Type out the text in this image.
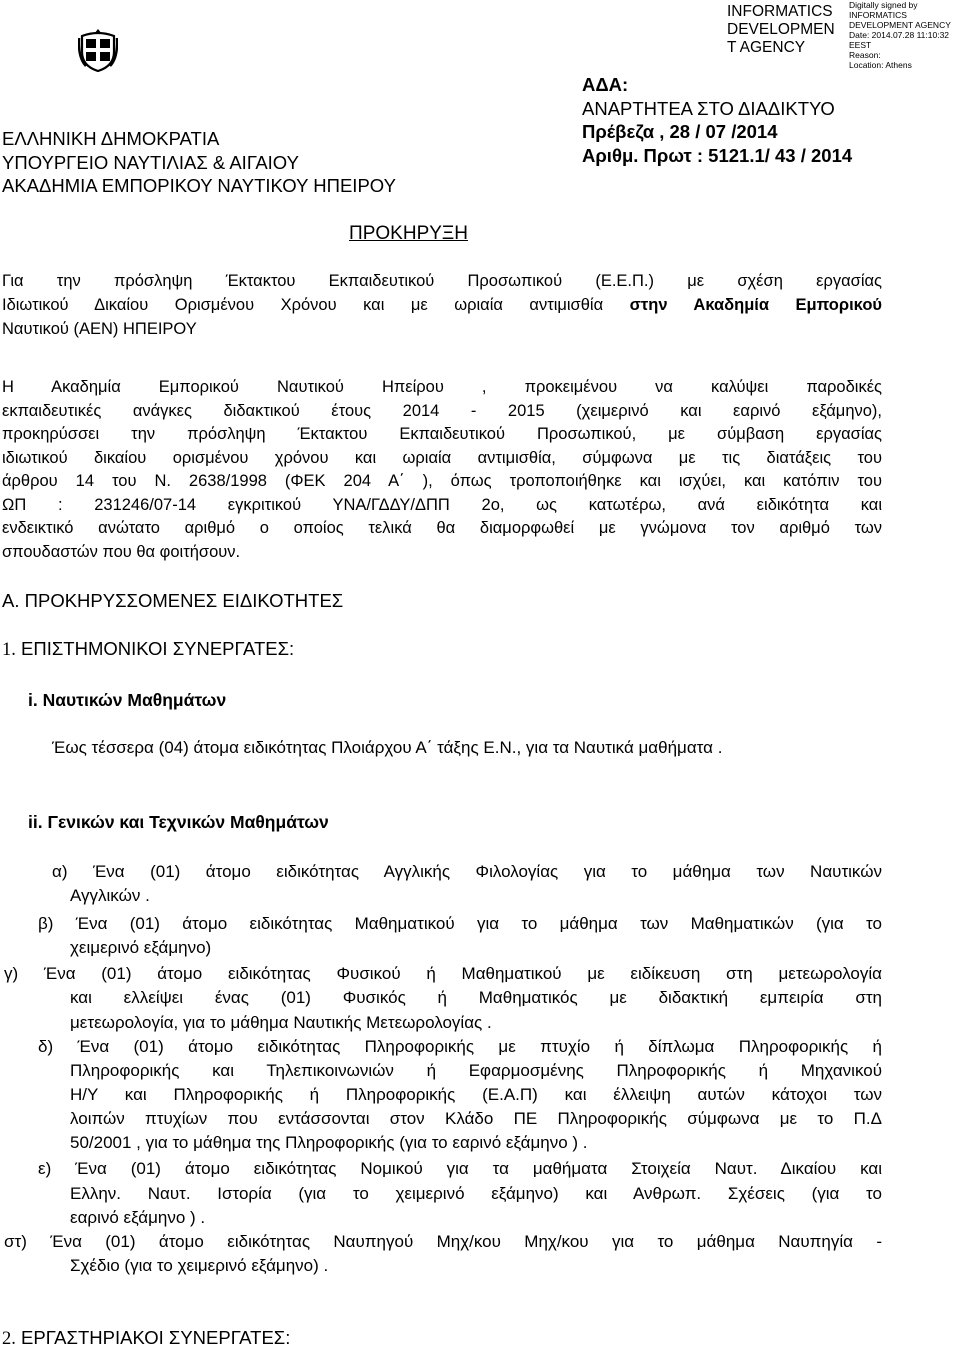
INFORMATICS
DEVELOPMEN
T AGENCY
Digitally signed by
INFORMATICS
DEVELOPMENT AGENCY
Date: 2014.07.28 11:10:32
EEST
Reason:
Location: Athens
ΕΛΛΗΝΙΚΗ ΔΗΜΟΚΡΑΤΙΑ
ΥΠΟΥΡΓΕΙΟ ΝΑΥΤΙΛΙΑΣ & ΑΙΓΑΙΟΥ
ΑΚΑΔΗΜΙΑ ΕΜΠΟΡΙΚΟΥ ΝΑΥΤΙΚΟΥ ΗΠΕΙΡΟΥ
ΑΔΑ:
ΑΝΑΡΤΗΤΕΑ ΣΤΟ ΔΙΑΔΙΚΤΥΟ
Πρέβεζα , 28 / 07 /2014
Αριθμ. Πρωτ : 5121.1/ 43 / 2014
ΠΡΟΚΗΡΥΞΗ
Για την πρόσληψη Έκτακτου Εκπαιδευτικού Προσωπικού (Ε.Ε.Π.) με σχέση εργασίας
Ιδιωτικού Δικαίου Ορισμένου Χρόνου και με ωριαία αντιμισθία στην Ακαδημία Εμπορικού
Ναυτικού (ΑΕΝ) ΗΠΕΙΡΟΥ
Η Ακαδημία Εμπορικού Ναυτικού Ηπείρου , προκειμένου να καλύψει παροδικές
εκπαιδευτικές ανάγκες διδακτικού έτους 2014 - 2015 (χειμερινό και εαρινό εξάμηνο),
προκηρύσσει την πρόσληψη Έκτακτου Εκπαιδευτικού Προσωπικού, με σύμβαση εργασίας
ιδιωτικού δικαίου ορισμένου χρόνου και ωριαία αντιμισθία, σύμφωνα με τις διατάξεις του
άρθρου 14 του Ν. 2638/1998 (ΦΕΚ 204 Α΄ ), όπως τροποποιήθηκε και ισχύει, και κατόπιν του
ΩΠ : 231246/07-14 εγκριτικού ΥΝΑ/ΓΔΔΥ/ΔΠΠ 2ο, ως κατωτέρω, ανά ειδικότητα και
ενδεικτικό ανώτατο αριθμό ο οποίος τελικά θα διαμορφωθεί με γνώμονα τον αριθμό των
σπουδαστών που θα φοιτήσουν.
Α. ΠΡΟΚΗΡΥΣΣΟΜΕΝΕΣ ΕΙΔΙΚΟΤΗΤΕΣ
1. ΕΠΙΣΤΗΜΟΝΙΚΟΙ ΣΥΝΕΡΓΑΤΕΣ:
i. Ναυτικών Μαθημάτων
Έως τέσσερα (04) άτομα ειδικότητας Πλοιάρχου Α΄ τάξης Ε.Ν., για τα Ναυτικά μαθήματα .
ii. Γενικών και Τεχνικών Μαθημάτων
α) Ένα (01) άτομο ειδικότητας Αγγλικής Φιλολογίας για το μάθημα των Ναυτικών
Αγγλικών .
β) Ένα (01) άτομο ειδικότητας Μαθηματικού για το μάθημα των Μαθηματικών (για το
χειμερινό εξάμηνο)
γ) Ένα (01) άτομο ειδικότητας Φυσικού ή Μαθηματικού με ειδίκευση στη μετεωρολογία
και ελλείψει ένας (01) Φυσικός ή Μαθηματικός με διδακτική εμπειρία στη
μετεωρολογία, για το μάθημα Ναυτικής Μετεωρολογίας .
δ) Ένα (01) άτομο ειδικότητας Πληροφορικής με πτυχίο ή δίπλωμα Πληροφορικής ή
Πληροφορικής και Τηλεπικοινωνιών ή Εφαρμοσμένης Πληροφορικής ή Μηχανικού
Η/Υ και Πληροφορικής ή Πληροφορικής (Ε.Α.Π) και έλλειψη αυτών κάτοχοι των
λοιπών πτυχίων που εντάσσονται στον Κλάδο ΠΕ Πληροφορικής σύμφωνα με το Π.Δ
50/2001 , για το μάθημα της Πληροφορικής (για το εαρινό εξάμηνο ) .
ε) Ένα (01) άτομο ειδικότητας Νομικού για τα μαθήματα Στοιχεία Ναυτ. Δικαίου και
Ελλην. Ναυτ. Ιστορία (για το χειμερινό εξάμηνο) και Ανθρωπ. Σχέσεις (για το
εαρινό εξάμηνο ) .
στ) Ένα (01) άτομο ειδικότητας Ναυπηγού Μηχ/κου Μηχ/κου για το μάθημα Ναυπηγία -
Σχέδιο (για το χειμερινό εξάμηνο) .
2. ΕΡΓΑΣΤΗΡΙΑΚΟΙ ΣΥΝΕΡΓΑΤΕΣ:
